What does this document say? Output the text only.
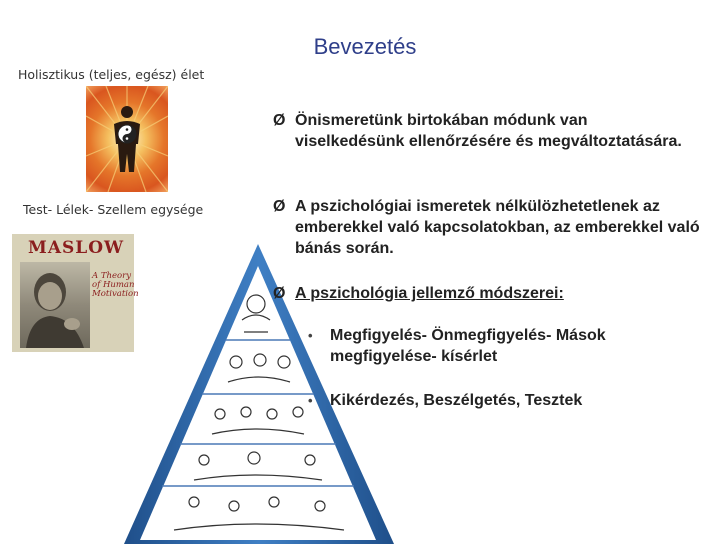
Bevezetés
Holisztikus (teljes, egész) élet
Test- Lélek- Szellem egysége
MASLOW
A Theory of Human Motivation
Ø Önismeretünk birtokában módunk van viselkedésünk ellenőrzésére és megváltoztatására.
Ø A pszichológiai ismeretek nélkülözhetetlenek az emberekkel való kapcsolatokban, az emberekkel való bánás során.
Ø A pszichológia jellemző módszerei:
• Megfigyelés- Önmegfigyelés- Mások megfigyelése- kísérlet
• Kikérdezés, Beszélgetés, Tesztek
